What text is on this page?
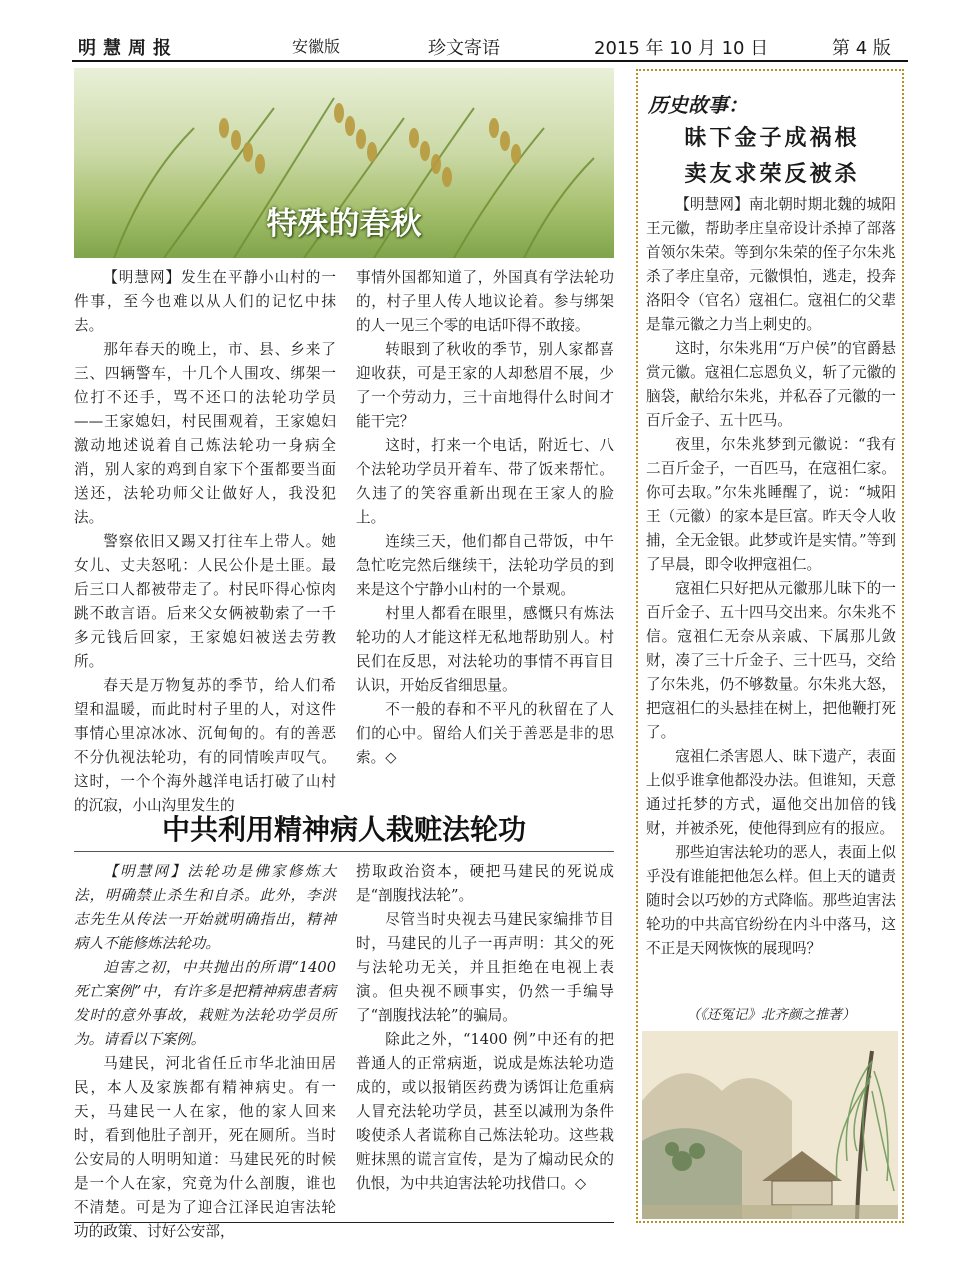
明慧周报	安徽版	珍文寄语	2015 年 10 月 10 日	第 4 版
特殊的春秋

【明慧网】发生在平静小山村的一件事，至今也难以从人们的记忆中抹去。

那年春天的晚上，市、县、乡来了三、四辆警车，十几个人围攻、绑架一位打不还手，骂不还口的法轮功学员——王家媳妇，村民围观着，王家媳妇激动地述说着自己炼法轮功一身病全消，别人家的鸡到自家下个蛋都要当面送还，法轮功师父让做好人，我没犯法。

警察依旧又踢又打往车上带人。她女儿、丈夫怒吼：人民公仆是土匪。最后三口人都被带走了。村民吓得心惊肉跳不敢言语。后来父女俩被勒索了一千多元钱后回家，王家媳妇被送去劳教所。

春天是万物复苏的季节，给人们希望和温暖，而此时村子里的人，对这件事情心里凉冰冰、沉甸甸的。有的善恶不分仇视法轮功，有的同情唉声叹气。这时，一个个海外越洋电话打破了山村的沉寂，小山沟里发生的

事情外国都知道了，外国真有学法轮功的，村子里人传人地议论着。参与绑架的人一见三个零的电话吓得不敢接。

转眼到了秋收的季节，别人家都喜迎收获，可是王家的人却愁眉不展，少了一个劳动力，三十亩地得什么时间才能干完？

这时，打来一个电话，附近七、八个法轮功学员开着车、带了饭来帮忙。久违了的笑容重新出现在王家人的脸上。

连续三天，他们都自己带饭，中午急忙吃完然后继续干，法轮功学员的到来是这个宁静小山村的一个景观。

村里人都看在眼里，感慨只有炼法轮功的人才能这样无私地帮助别人。村民们在反思，对法轮功的事情不再盲目认识，开始反省细思量。

不一般的春和不平凡的秋留在了人们的心中。留给人们关于善恶是非的思索。◇

中共利用精神病人栽赃法轮功

【明慧网】法轮功是佛家修炼大法，明确禁止杀生和自杀。此外，李洪志先生从传法一开始就明确指出，精神病人不能修炼法轮功。

迫害之初，中共抛出的所谓“1400死亡案例”中，有许多是把精神病患者病发时的意外事故，栽赃为法轮功学员所为。请看以下案例。

马建民，河北省任丘市华北油田居民，本人及家族都有精神病史。有一天，马建民一人在家，他的家人回来时，看到他肚子剖开，死在厕所。当时公安局的人明明知道：马建民死的时候是一个人在家，究竟为什么剖腹，谁也不清楚。可是为了迎合江泽民迫害法轮功的政策、讨好公安部，

捞取政治资本，硬把马建民的死说成是“剖腹找法轮”。

尽管当时央视去马建民家编排节目时，马建民的儿子一再声明：其父的死与法轮功无关，并且拒绝在电视上表演。但央视不顾事实，仍然一手编导了“剖腹找法轮”的骗局。

除此之外，“1400 例”中还有的把普通人的正常病逝，说成是炼法轮功造成的，或以报销医药费为诱饵让危重病人冒充法轮功学员，甚至以减刑为条件唆使杀人者谎称自己炼法轮功。这些栽赃抹黑的谎言宣传，是为了煽动民众的仇恨，为中共迫害法轮功找借口。◇

历史故事：
昧下金子成祸根
卖友求荣反被杀

【明慧网】南北朝时期北魏的城阳王元徽，帮助孝庄皇帝设计杀掉了部落首领尔朱荣。等到尔朱荣的侄子尔朱兆杀了孝庄皇帝，元徽惧怕，逃走，投奔洛阳令（官名）寇祖仁。寇祖仁的父辈是靠元徽之力当上刺史的。

这时，尔朱兆用“万户侯”的官爵悬赏元徽。寇祖仁忘恩负义，斩了元徽的脑袋，献给尔朱兆，并私吞了元徽的一百斤金子、五十匹马。

夜里，尔朱兆梦到元徽说：“我有二百斤金子，一百匹马，在寇祖仁家。你可去取。”尔朱兆睡醒了，说：“城阳王（元徽）的家本是巨富。昨天令人收捕，全无金银。此梦或许是实情。”等到了早晨，即令收押寇祖仁。

寇祖仁只好把从元徽那儿昧下的一百斤金子、五十四马交出来。尔朱兆不信。寇祖仁无奈从亲戚、下属那儿敛财，凑了三十斤金子、三十匹马，交给了尔朱兆，仍不够数量。尔朱兆大怒，把寇祖仁的头悬挂在树上，把他鞭打死了。

寇祖仁杀害恩人、昧下遗产，表面上似乎谁拿他都没办法。但谁知，天意通过托梦的方式，逼他交出加倍的钱财，并被杀死，使他得到应有的报应。

那些迫害法轮功的恶人，表面上似乎没有谁能把他怎么样。但上天的谴责随时会以巧妙的方式降临。那些迫害法轮功的中共高官纷纷在内斗中落马，这不正是天网恢恢的展现吗？

（《还冤记》北齐颜之推著）
